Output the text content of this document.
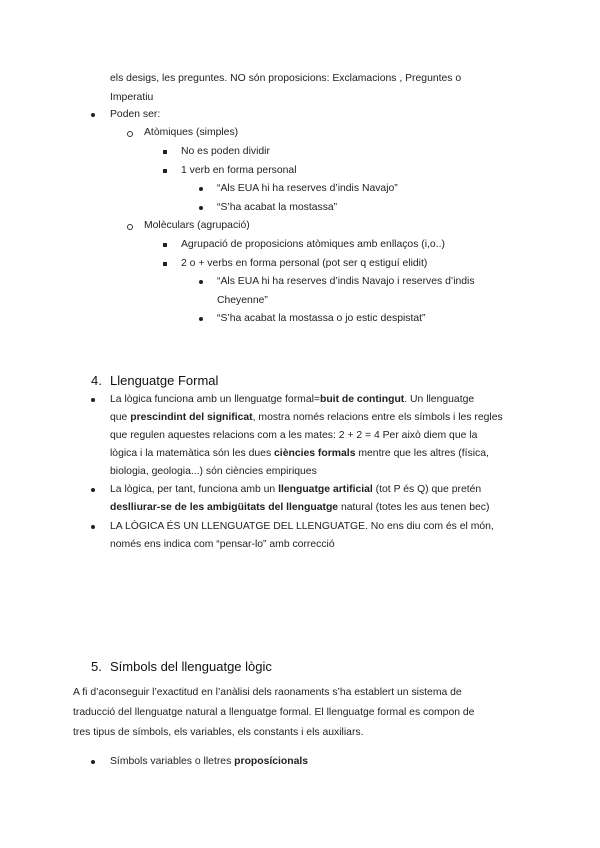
els desigs, les preguntes. NO són proposicions: Exclamacions , Preguntes o
Imperatiu
Poden ser:
Atòmiques (simples)
No es poden dividir
1 verb en forma personal
“Als EUA hi ha reserves d’indis Navajo”
“S’ha acabat la mostassa”
Molèculars (agrupació)
Agrupació de proposicions atòmiques amb enllaços (i,o..)
2 o + verbs en forma personal (pot ser q estiguí elidit)
“Als EUA hi ha reserves d’indis Navajo i reserves d’indis
Cheyenne”
“S’ha acabat la mostassa o jo estic despistat”
4. Llenguatge Formal
La lògica funciona amb un llenguatge formal=buit de contingut. Un llenguatge
que prescindint del significat, mostra només relacions entre els símbols i les regles
que regulen aquestes relacions com a les mates: 2 + 2 = 4 Per això diem que la
lògica i la matemàtica són les dues ciències formals mentre que les altres (física,
biologia, geologia...) són ciències empiriques
La lògica, per tant, funciona amb un llenguatge artificial (tot P és Q) que pretén
deslliurar-se de les ambigüitats del llenguatge natural (totes les aus tenen bec)
LA LÒGICA ÉS UN LLENGUATGE DEL LLENGUATGE. No ens diu com és el món,
només ens indica com “pensar-lo” amb correcció
5. Símbols del llenguatge lògic
A fi d’aconseguir l’exactitud en l’anàlisi dels raonaments s’ha establert un sistema de
traducció del llenguatge natural a llenguatge formal. El llenguatge formal es compon de
tres tipus de símbols, els variables, els constants i els auxiliars.
Símbols variables o lletres proposícionals
